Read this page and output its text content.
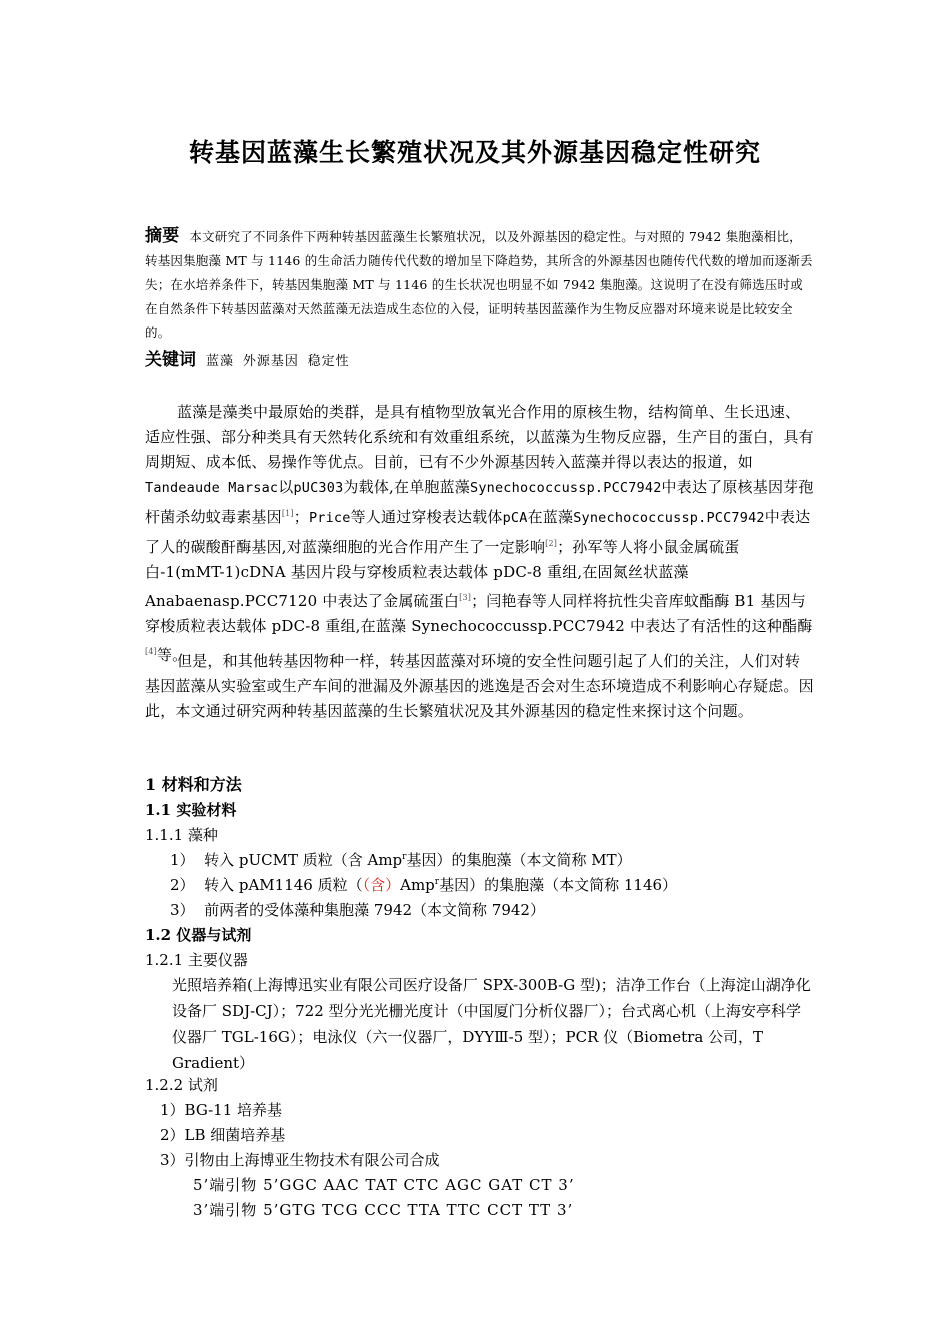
转基因蓝藻生长繁殖状况及其外源基因稳定性研究
摘要 本文研究了不同条件下两种转基因蓝藻生长繁殖状况，以及外源基因的稳定性。与对照的 7942 集胞藻相比，转基因集胞藻 MT 与 1146 的生命活力随传代代数的增加呈下降趋势，其所含的外源基因也随传代代数的增加而逐渐丢失；在水培养条件下，转基因集胞藻 MT 与 1146 的生长状况也明显不如 7942 集胞藻。这说明了在没有筛选压时或在自然条件下转基因蓝藻对天然蓝藻无法造成生态位的入侵，证明转基因蓝藻作为生物反应器对环境来说是比较安全的。
关键词 蓝藻 外源基因 稳定性

蓝藻是藻类中最原始的类群，是具有植物型放氧光合作用的原核生物，结构简单、生长迅速、适应性强、部分种类具有天然转化系统和有效重组系统，以蓝藻为生物反应器，生产目的蛋白，具有周期短、成本低、易操作等优点。目前，已有不少外源基因转入蓝藻并得以表达的报道，如Tandeaude Marsac以pUC303为载体,在单胞蓝藻Synechococcussp.PCC7942中表达了原核基因芽孢杆菌杀幼蚊毒素基因[1]；Price等人通过穿梭表达载体pCA在蓝藻Synechococcussp.PCC7942中表达了人的碳酸酐酶基因,对蓝藻细胞的光合作用产生了一定影响[2]；孙军等人将小鼠金属硫蛋白-1(mMT-1)cDNA 基因片段与穿梭质粒表达载体 pDC-8 重组,在固氮丝状蓝藻 Anabaenasp.PCC7120 中表达了金属硫蛋白[3]；闫艳春等人同样将抗性尖音库蚊酯酶 B1 基因与穿梭质粒表达载体 pDC-8 重组,在蓝藻 Synechococcussp.PCC7942 中表达了有活性的这种酯酶[4]等。

但是，和其他转基因物种一样，转基因蓝藻对环境的安全性问题引起了人们的关注，人们对转基因蓝藻从实验室或生产车间的泄漏及外源基因的逃逸是否会对生态环境造成不利影响心存疑虑。因此，本文通过研究两种转基因蓝藻的生长繁殖状况及其外源基因的稳定性来探讨这个问题。

1 材料和方法
1.1 实验材料
1.1.1 藻种
1） 转入 pUCMT 质粒（含 Amp$^r$基因）的集胞藻（本文简称 MT）
2） 转入 pAM1146 质粒（（含）Amp$^r$基因）的集胞藻（本文简称 1146）
3） 前两者的受体藻种集胞藻 7942（本文简称 7942）
1.2 仪器与试剂
1.2.1 主要仪器
光照培养箱(上海博迅实业有限公司医疗设备厂 SPX-300B-G 型)；洁净工作台（上海淀山湖净化设备厂 SDJ-CJ）；722 型分光光栅光度计（中国厦门分析仪器厂）；台式离心机（上海安亭科学仪器厂 TGL-16G）；电泳仪（六一仪器厂，DYYⅢ-5 型）；PCR 仪（Biometra 公司，T Gradient）
1.2.2 试剂
1）BG-11 培养基
2）LB 细菌培养基
3）引物由上海博亚生物技术有限公司合成
5’端引物 5’GGC AAC TAT CTC AGC GAT CT 3’
3’端引物 5’GTG TCG CCC TTA TTC CCT TT 3’
